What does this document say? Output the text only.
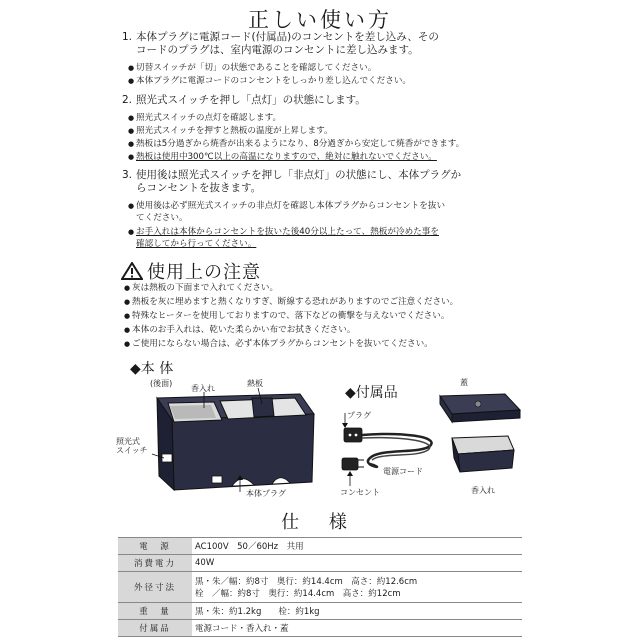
正しい使い方
1. 本体プラグに電源コード(付属品)のコンセントを差し込み、その
コードのプラグは、室内電源のコンセントに差し込みます。
● 切替スイッチが「切」の状態であることを確認してください。
● 本体プラグに電源コードのコンセントをしっかり差し込んでください。
2. 照光式スイッチを押し「点灯」の状態にします。
● 照光式スイッチの点灯を確認します。
● 照光式スイッチを押すと熱板の温度が上昇します。
● 熱板は5分過ぎから焼香が出来るようになり、8分過ぎから安定して焼香ができます。
● 熱板は使用中300℃以上の高温になりますので、絶対に触れないでください。
3. 使用後は照光式スイッチを押し「非点灯」の状態にし、本体プラグか
らコンセントを抜きます。
● 使用後は必ず照光式スイッチの非点灯を確認し本体プラグからコンセントを抜い
てください。
● お手入れは本体からコンセントを抜いた後40分以上たって、熱板が冷めた事を
確認してから行ってください。
使用上の注意
● 灰は熱板の下面まで入れてください。
● 熱板を灰に埋めますと熱くなりすぎ、断線する恐れがありますのでご注意ください。
● 特殊なヒーターを使用しておりますので、落下などの衝撃を与えないでください。
● 本体のお手入れは、乾いた柔らかい布でお拭きください。
● ご使用にならない場合は、必ず本体プラグからコンセントを抜いてください。
◆本 体
(後面)
香入れ
熱板
照光式
スイッチ
本体プラグ
◆付属品
蓋
プラグ
電源コード
コンセント	香入れ
仕 様
電　源	AC100V　50／60Hz　共用
消費電力	40W
外径寸法	黒・朱／幅：約8寸　奥行：約14.4cm　高さ：約12.6cm
栓　／幅：約8寸　奥行：約14.4cm　高さ：約12cm

重　量	黒・朱：約1.2kg　　栓：約1kg
付属品	電源コード・香入れ・蓋
